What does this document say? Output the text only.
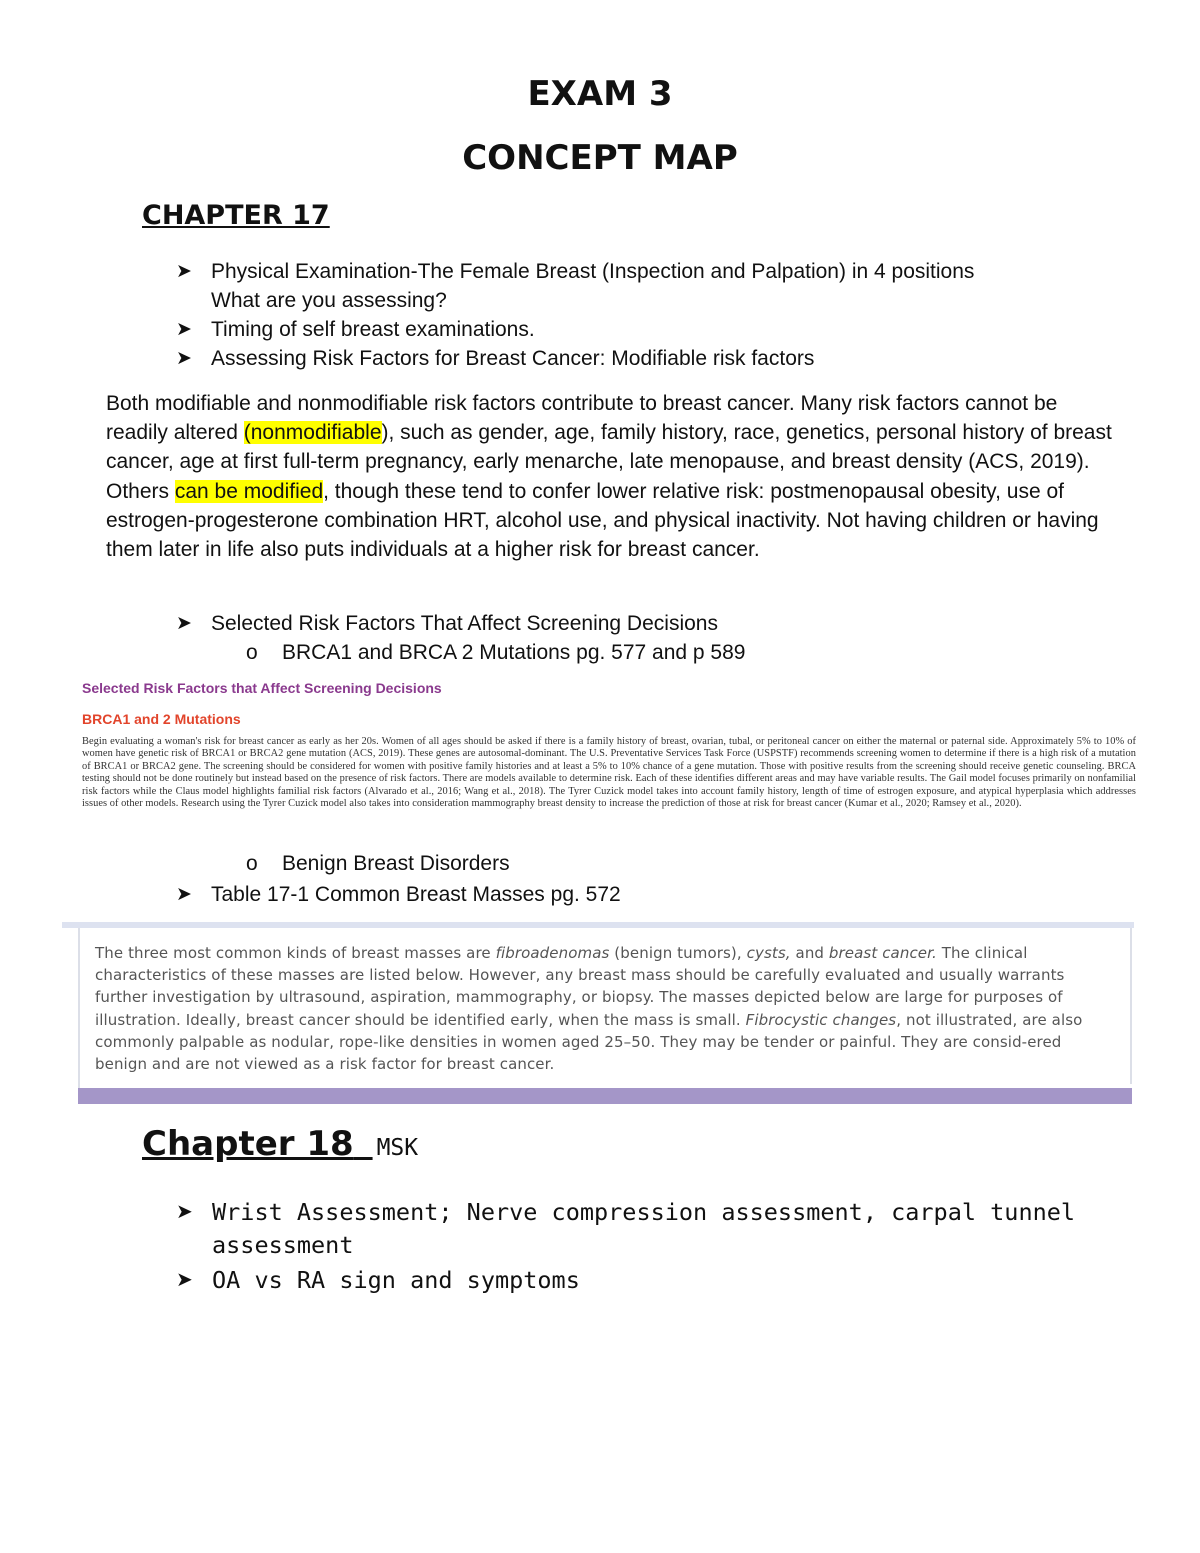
EXAM 3
CONCEPT MAP
CHAPTER 17
➤ Physical Examination-The Female Breast (Inspection and Palpation) in 4 positions
What are you assessing?
➤ Timing of self breast examinations.
➤ Assessing Risk Factors for Breast Cancer: Modifiable risk factors
Both modifiable and nonmodifiable risk factors contribute to breast cancer. Many risk factors cannot be readily altered (nonmodifiable), such as gender, age, family history, race, genetics, personal history of breast cancer, age at first full-term pregnancy, early menarche, late menopause, and breast density (ACS, 2019). Others can be modified, though these tend to confer lower relative risk: postmenopausal obesity, use of estrogen-progesterone combination HRT, alcohol use, and physical inactivity. Not having children or having them later in life also puts individuals at a higher risk for breast cancer.
➤ Selected Risk Factors That Affect Screening Decisions
o BRCA1 and BRCA 2 Mutations pg. 577 and p 589
Selected Risk Factors that Affect Screening Decisions
BRCA1 and 2 Mutations
Begin evaluating a woman's risk for breast cancer as early as her 20s. Women of all ages should be asked if there is a family history of breast, ovarian, tubal, or peritoneal cancer on either the maternal or paternal side. Approximately 5% to 10% of women have genetic risk of BRCA1 or BRCA2 gene mutation (ACS, 2019). These genes are autosomal-dominant. The U.S. Preventative Services Task Force (USPSTF) recommends screening women to determine if there is a high risk of a mutation of BRCA1 or BRCA2 gene. The screening should be considered for women with positive family histories and at least a 5% to 10% chance of a gene mutation. Those with positive results from the screening should receive genetic counseling. BRCA testing should not be done routinely but instead based on the presence of risk factors. There are models available to determine risk. Each of these identifies different areas and may have variable results. The Gail model focuses primarily on nonfamilial risk factors while the Claus model highlights familial risk factors (Alvarado et al., 2016; Wang et al., 2018). The Tyrer Cuzick model takes into account family history, length of time of estrogen exposure, and atypical hyperplasia which addresses issues of other models. Research using the Tyrer Cuzick model also takes into consideration mammography breast density to increase the prediction of those at risk for breast cancer (Kumar et al., 2020; Ramsey et al., 2020).
o Benign Breast Disorders
➤ Table 17-1 Common Breast Masses pg. 572
The three most common kinds of breast masses are fibroadenomas (benign tumors), cysts, and breast cancer. The clinical characteristics of these masses are listed below. However, any breast mass should be carefully evaluated and usually warrants further investigation by ultrasound, aspiration, mammography, or biopsy. The masses depicted below are large for purposes of illustration. Ideally, breast cancer should be identified early, when the mass is small. Fibrocystic changes, not illustrated, are also commonly palpable as nodular, rope-like densities in women aged 25–50. They may be tender or painful. They are consid-ered benign and are not viewed as a risk factor for breast cancer.
Chapter 18 MSK
➤ Wrist Assessment; Nerve compression assessment, carpal tunnel assessment
➤ OA vs RA sign and symptoms
